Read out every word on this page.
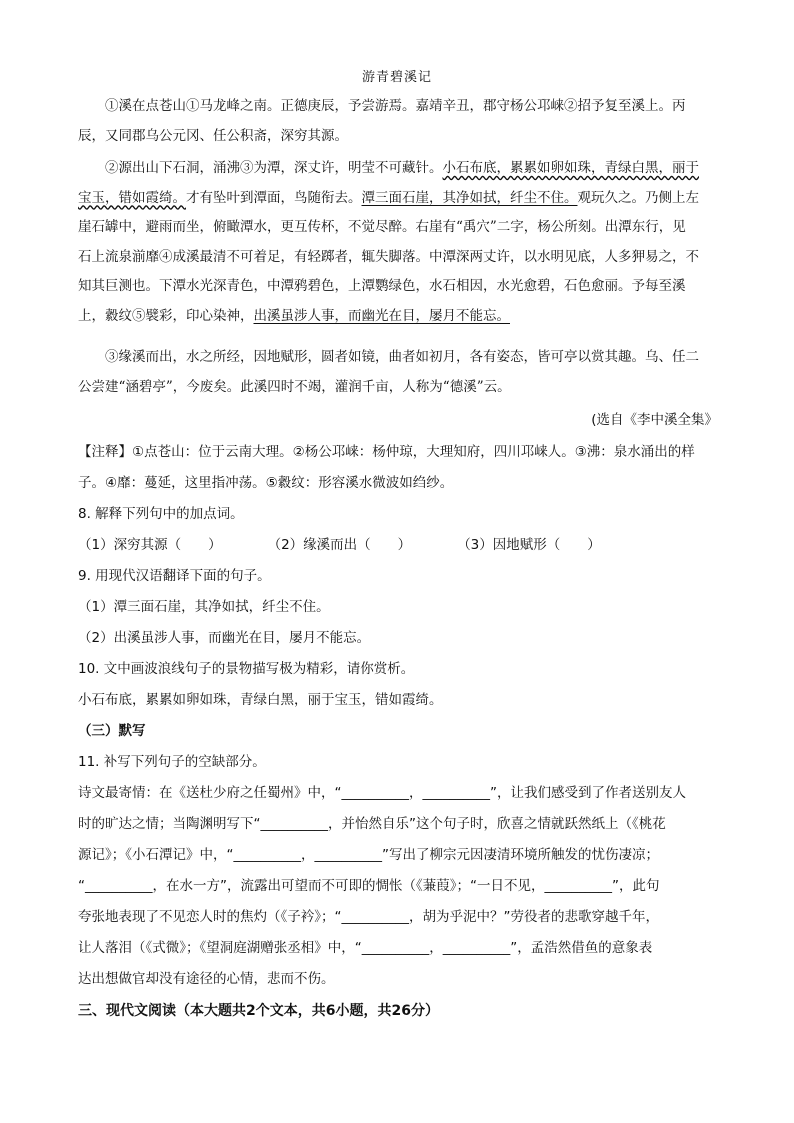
游青碧溪记
①溪在点苍山①马龙峰之南。正德庚辰，予尝游焉。嘉靖辛丑，郡守杨公邛崃②招予复至溪上。丙
辰，又同郡乌公元冈、任公积斋，深穷其源。
②源出山下石洞，涌沸③为潭，深丈许，明莹不可藏针。小石布底，累累如卵如珠，青绿白黑，丽于
宝玉，错如霞绮。才有坠叶到潭面，鸟随衔去。潭三面石崖，其净如拭，纤尘不住。观玩久之。乃侧上左
崖石罅中，避雨而坐，俯瞰潭水，更互传杯，不觉尽醉。右崖有“禹穴”二字，杨公所刻。出潭东行，见
石上流泉湔靡④成溪最清不可着足，有轻踯者，辄失脚落。中潭深两丈许，以水明见底，人多狎易之，不
知其巨测也。下潭水光深青色，中潭鸦碧色，上潭鹦绿色，水石相因，水光愈碧，石色愈丽。予每至溪
上，縠纹⑤襞彩，印心染神，出溪虽涉人事，而幽光在目，屡月不能忘。
③缘溪而出，水之所经，因地赋形，圆者如镜，曲者如初月，各有姿态，皆可亭以赏其趣。乌、任二
公尝建“涵碧亭”，今废矣。此溪四时不竭，灌润千亩，人称为“德溪”云。
(选自《李中溪全集》
【注释】①点苍山：位于云南大理。②杨公邛崃：杨仲琼，大理知府，四川邛崃人。③沸：泉水涌出的样
子。④靡：蔓延，这里指冲荡。⑤縠纹：形容溪水微波如绉纱。
8. 解释下列句中的加点词。
（1）深穷其源（　　）	（2）缘溪而出（　　）	（3）因地赋形（　　）
9. 用现代汉语翻译下面的句子。
（1）潭三面石崖，其净如拭，纤尘不住。
（2）出溪虽涉人事，而幽光在目，屡月不能忘。
10. 文中画波浪线句子的景物描写极为精彩，请你赏析。
小石布底，累累如卵如珠，青绿白黑，丽于宝玉，错如霞绮。
（三）默写
11. 补写下列句子的空缺部分。
诗文最寄情：在《送杜少府之任蜀州》中，“__________，__________”，让我们感受到了作者送别友人
时的旷达之情；当陶渊明写下“__________，并怡然自乐”这个句子时，欣喜之情就跃然纸上（《桃花
源记》；《小石潭记》中，“__________，__________”写出了柳宗元因凄清环境所触发的忧伤凄凉；
“__________，在水一方”，流露出可望而不可即的惆怅（《蒹葭》；“一日不见，__________”，此句
夸张地表现了不见恋人时的焦灼（《子衿》；“__________，胡为乎泥中？”劳役者的悲歌穿越千年，
让人落泪（《式微》；《望洞庭湖赠张丞相》中，“__________，__________”，孟浩然借鱼的意象表
达出想做官却没有途径的心情，悲而不伤。
三、现代文阅读（本大题共2个文本，共6小题，共26分）
